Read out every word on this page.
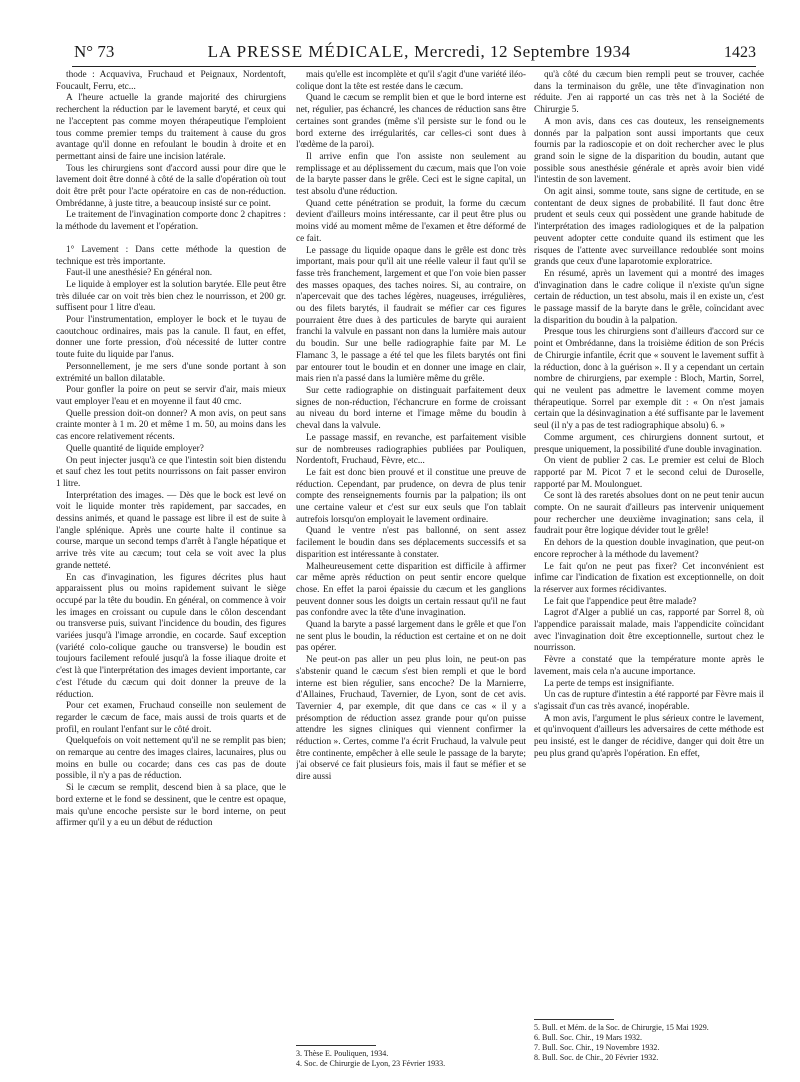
N° 73	LA PRESSE MÉDICALE, Mercredi, 12 Septembre 1934	1423

thode : Acquaviva, Fruchaud et Peignaux, Nordentoft, Foucault, Ferru, etc...

A l'heure actuelle la grande majorité des chirurgiens recherchent la réduction par le lavement baryté, et ceux qui ne l'acceptent pas comme moyen thérapeutique l'emploient tous comme premier temps du traitement à cause du gros avantage qu'il donne en refoulant le boudin à droite et en permettant ainsi de faire une incision latérale.

Tous les chirurgiens sont d'accord aussi pour dire que le lavement doit être donné à côté de la salle d'opération où tout doit être prêt pour l'acte opératoire en cas de non-réduction. Ombrédanne, à juste titre, a beaucoup insisté sur ce point.

Le traitement de l'invagination comporte donc 2 chapitres : la méthode du lavement et l'opération.

1° Lavement : Dans cette méthode la question de technique est très importante.

Faut-il une anesthésie? En général non.

Le liquide à employer est la solution barytée. Elle peut être très diluée car on voit très bien chez le nourrisson, et 200 gr. suffisent pour 1 litre d'eau.

Pour l'instrumentation, employer le bock et le tuyau de caoutchouc ordinaires, mais pas la canule. Il faut, en effet, donner une forte pression, d'où nécessité de lutter contre toute fuite du liquide par l'anus.

Personnellement, je me sers d'une sonde portant à son extrémité un ballon dilatable.

Pour gonfler la poire on peut se servir d'air, mais mieux vaut employer l'eau et en moyenne il faut 40 cmc.

Quelle pression doit-on donner? A mon avis, on peut sans crainte monter à 1 m. 20 et même 1 m. 50, au moins dans les cas encore relativement récents.

Quelle quantité de liquide employer?

On peut injecter jusqu'à ce que l'intestin soit bien distendu et sauf chez les tout petits nourrissons on fait passer environ 1 litre.

Interprétation des images. — Dès que le bock est levé on voit le liquide monter très rapidement, par saccades, en dessins animés, et quand le passage est libre il est de suite à l'angle splénique. Après une courte halte il continue sa course, marque un second temps d'arrêt à l'angle hépatique et arrive très vite au cæcum; tout cela se voit avec la plus grande netteté.

En cas d'invagination, les figures décrites plus haut apparaissent plus ou moins rapidement suivant le siège occupé par la tête du boudin. En général, on commence à voir les images en croissant ou cupule dans le côlon descendant ou transverse puis, suivant l'incidence du boudin, des figures variées jusqu'à l'image arrondie, en cocarde. Sauf exception (variété colo-colique gauche ou transverse) le boudin est toujours facilement refoulé jusqu'à la fosse iliaque droite et c'est là que l'interprétation des images devient importante, car c'est l'étude du cæcum qui doit donner la preuve de la réduction.

Pour cet examen, Fruchaud conseille non seulement de regarder le cæcum de face, mais aussi de trois quarts et de profil, en roulant l'enfant sur le côté droit.

Quelquefois on voit nettement qu'il ne se remplit pas bien; on remarque au centre des images claires, lacunaires, plus ou moins en bulle ou cocarde; dans ces cas pas de doute possible, il n'y a pas de réduction.

Si le cæcum se remplit, descend bien à sa place, que le bord externe et le fond se dessinent, que le centre est opaque, mais qu'une encoche persiste sur le bord interne, on peut affirmer qu'il y a eu un début de réduction

mais qu'elle est incomplète et qu'il s'agit d'une variété iléo-colique dont la tête est restée dans le cæcum.

Quand le cæcum se remplit bien et que le bord interne est net, régulier, pas échancré, les chances de réduction sans être certaines sont grandes (même s'il persiste sur le fond ou le bord externe des irrégularités, car celles-ci sont dues à l'œdème de la paroi).

Il arrive enfin que l'on assiste non seulement au remplissage et au déplissement du cæcum, mais que l'on voie de la baryte passer dans le grêle. Ceci est le signe capital, un test absolu d'une réduction.

Quand cette pénétration se produit, la forme du cæcum devient d'ailleurs moins intéressante, car il peut être plus ou moins vidé au moment même de l'examen et être déformé de ce fait.

Le passage du liquide opaque dans le grêle est donc très important, mais pour qu'il ait une réelle valeur il faut qu'il se fasse très franchement, largement et que l'on voie bien passer des masses opaques, des taches noires. Si, au contraire, on n'apercevait que des taches légères, nuageuses, irrégulières, ou des filets barytés, il faudrait se méfier car ces figures pourraient être dues à des particules de baryte qui auraient franchi la valvule en passant non dans la lumière mais autour du boudin. Sur une belle radiographie faite par M. Le Flamanc 3, le passage a été tel que les filets barytés ont fini par entourer tout le boudin et en donner une image en clair, mais rien n'a passé dans la lumière même du grêle.

Sur cette radiographie on distinguait parfaitement deux signes de non-réduction, l'échancrure en forme de croissant au niveau du bord interne et l'image même du boudin à cheval dans la valvule.

Le passage massif, en revanche, est parfaitement visible sur de nombreuses radiographies publiées par Pouliquen, Nordentoft, Fruchaud, Fèvre, etc...

Le fait est donc bien prouvé et il constitue une preuve de réduction. Cependant, par prudence, on devra de plus tenir compte des renseignements fournis par la palpation; ils ont une certaine valeur et c'est sur eux seuls que l'on tablait autrefois lorsqu'on employait le lavement ordinaire.

Quand le ventre n'est pas ballonné, on sent assez facilement le boudin dans ses déplacements successifs et sa disparition est intéressante à constater.

Malheureusement cette disparition est difficile à affirmer car même après réduction on peut sentir encore quelque chose. En effet la paroi épaissie du cæcum et les ganglions peuvent donner sous les doigts un certain ressaut qu'il ne faut pas confondre avec la tête d'une invagination.

Quand la baryte a passé largement dans le grêle et que l'on ne sent plus le boudin, la réduction est certaine et on ne doit pas opérer.

Ne peut-on pas aller un peu plus loin, ne peut-on pas s'abstenir quand le cæcum s'est bien rempli et que le bord interne est bien régulier, sans encoche? De la Marnierre, d'Allaines, Fruchaud, Tavernier, de Lyon, sont de cet avis. Tavernier 4, par exemple, dit que dans ce cas « il y a présomption de réduction assez grande pour qu'on puisse attendre les signes cliniques qui viennent confirmer la réduction ». Certes, comme l'a écrit Fruchaud, la valvule peut être continente, empêcher à elle seule le passage de la baryte; j'ai observé ce fait plusieurs fois, mais il faut se méfier et se dire aussi

qu'à côté du cæcum bien rempli peut se trouver, cachée dans la terminaison du grêle, une tête d'invagination non réduite. J'en ai rapporté un cas très net à la Société de Chirurgie 5.

A mon avis, dans ces cas douteux, les renseignements donnés par la palpation sont aussi importants que ceux fournis par la radioscopie et on doit rechercher avec le plus grand soin le signe de la disparition du boudin, autant que possible sous anesthésie générale et après avoir bien vidé l'intestin de son lavement.

On agit ainsi, somme toute, sans signe de certitude, en se contentant de deux signes de probabilité. Il faut donc être prudent et seuls ceux qui possèdent une grande habitude de l'interprétation des images radiologiques et de la palpation peuvent adopter cette conduite quand ils estiment que les risques de l'attente avec surveillance redoublée sont moins grands que ceux d'une laparotomie exploratrice.

En résumé, après un lavement qui a montré des images d'invagination dans le cadre colique il n'existe qu'un signe certain de réduction, un test absolu, mais il en existe un, c'est le passage massif de la baryte dans le grêle, coïncidant avec la disparition du boudin à la palpation.

Presque tous les chirurgiens sont d'ailleurs d'accord sur ce point et Ombrédanne, dans la troisième édition de son Précis de Chirurgie infantile, écrit que « souvent le lavement suffit à la réduction, donc à la guérison ». Il y a cependant un certain nombre de chirurgiens, par exemple : Bloch, Martin, Sorrel, qui ne veulent pas admettre le lavement comme moyen thérapeutique. Sorrel par exemple dit : « On n'est jamais certain que la désinvagination a été suffisante par le lavement seul (il n'y a pas de test radiographique absolu) 6. »

Comme argument, ces chirurgiens donnent surtout, et presque uniquement, la possibilité d'une double invagination.

On vient de publier 2 cas. Le premier est celui de Bloch rapporté par M. Picot 7 et le second celui de Duroselle, rapporté par M. Moulonguet.

Ce sont là des raretés absolues dont on ne peut tenir aucun compte. On ne saurait d'ailleurs pas intervenir uniquement pour rechercher une deuxième invagination; sans cela, il faudrait pour être logique dévider tout le grêle!

En dehors de la question double invagination, que peut-on encore reprocher à la méthode du lavement?

Le fait qu'on ne peut pas fixer? Cet inconvénient est infime car l'indication de fixation est exceptionnelle, on doit la réserver aux formes récidivantes.

Le fait que l'appendice peut être malade?

Lagrot d'Alger a publié un cas, rapporté par Sorrel 8, où l'appendice paraissait malade, mais l'appendicite coïncidant avec l'invagination doit être exceptionnelle, surtout chez le nourrisson.

Fèvre a constaté que la température monte après le lavement, mais cela n'a aucune importance.

La perte de temps est insignifiante.

Un cas de rupture d'intestin a été rapporté par Fèvre mais il s'agissait d'un cas très avancé, inopérable.

A mon avis, l'argument le plus sérieux contre le lavement, et qu'invoquent d'ailleurs les adversaires de cette méthode est peu insisté, est le danger de récidive, danger qui doit être un peu plus grand qu'après l'opération. En effet,

3. Thèse E. Pouliquen, 1934.

4. Soc. de Chirurgie de Lyon, 23 Février 1933.

5. Bull. et Mém. de la Soc. de Chirurgie, 15 Mai 1929.

6. Bull. Soc. Chir., 19 Mars 1932.

7. Bull. Soc. Chir., 19 Novembre 1932.

8. Bull. Soc. de Chir., 20 Février 1932.
